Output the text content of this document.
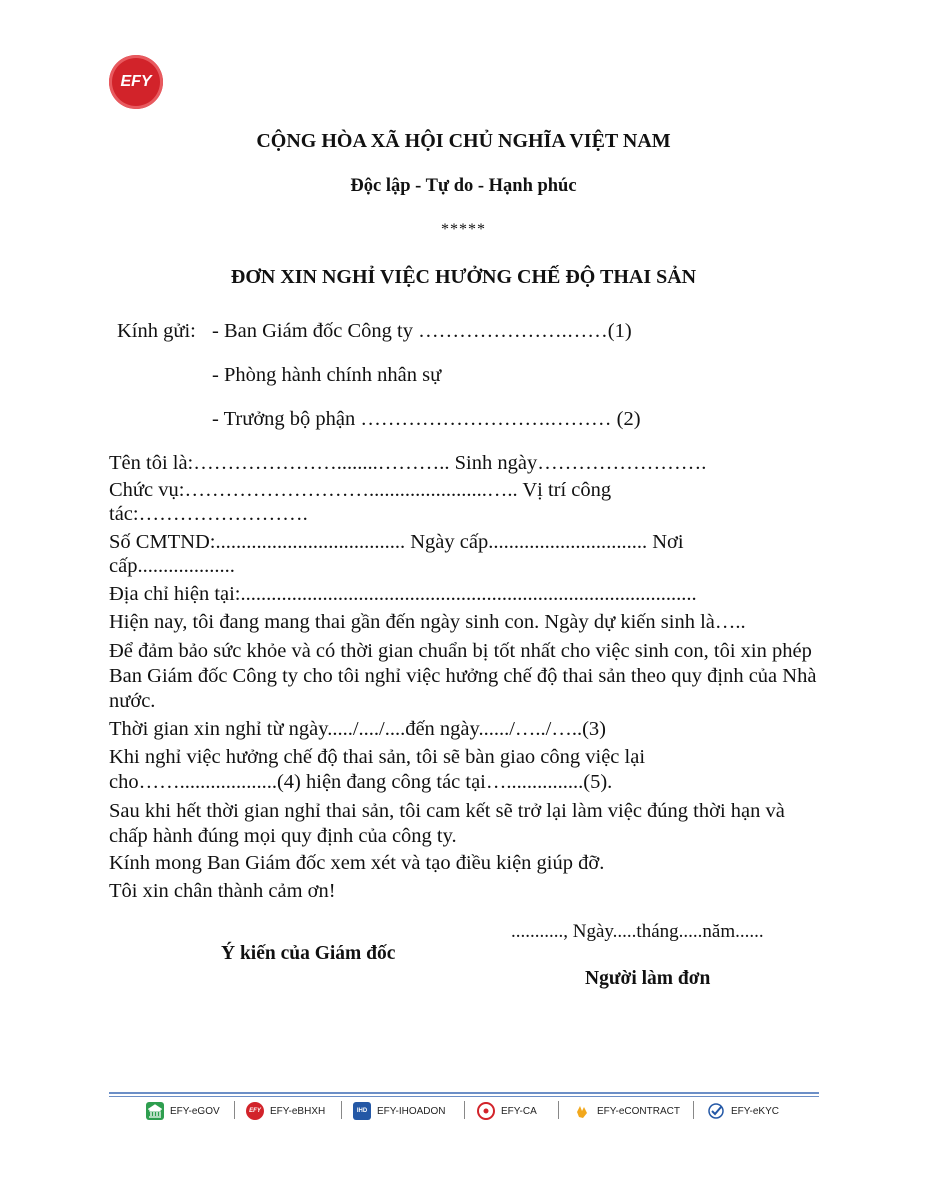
EFY
CỘNG HÒA XÃ HỘI CHỦ NGHĨA VIỆT NAM
Độc lập - Tự do - Hạnh phúc
*****
ĐƠN XIN NGHỈ VIỆC HƯỞNG CHẾ ĐỘ THAI SẢN
Kính gửi: - Ban Giám đốc Công ty ………………….……(1)
- Phòng hành chính nhân sự
- Trưởng bộ phận ……………………….……… (2)
Tên tôi là:…………………........……….. Sinh ngày…………………….
Chức vụ:……………………….......................….. Vị trí công
tác:…………………….
Số CMTND:..................................... Ngày cấp............................... Nơi
cấp...................
Địa chỉ hiện tại:.........................................................................................
Hiện nay, tôi đang mang thai gần đến ngày sinh con. Ngày dự kiến sinh là…..
Để đảm bảo sức khỏe và có thời gian chuẩn bị tốt nhất cho việc sinh con, tôi xin phép Ban Giám đốc Công ty cho tôi nghỉ việc hưởng chế độ thai sản theo quy định của Nhà nước.
Thời gian xin nghỉ từ ngày...../..../....đến ngày....../…../…..(3)
Khi nghỉ việc hưởng chế độ thai sản, tôi sẽ bàn giao công việc lại
cho……...................(4) hiện đang công tác tại…...............(5).
Sau khi hết thời gian nghỉ thai sản, tôi cam kết sẽ trở lại làm việc đúng thời hạn và chấp hành đúng mọi quy định của công ty.
Kính mong Ban Giám đốc xem xét và tạo điều kiện giúp đỡ.
Tôi xin chân thành cảm ơn!
..........., Ngày.....tháng.....năm......
Ý kiến của Giám đốc
Người làm đơn
EFY-eGOV	EFY EFY-eBHXH	IHD EFY-IHOADON	EFY-CA	EFY-eCONTRACT	EFY-eKYC
